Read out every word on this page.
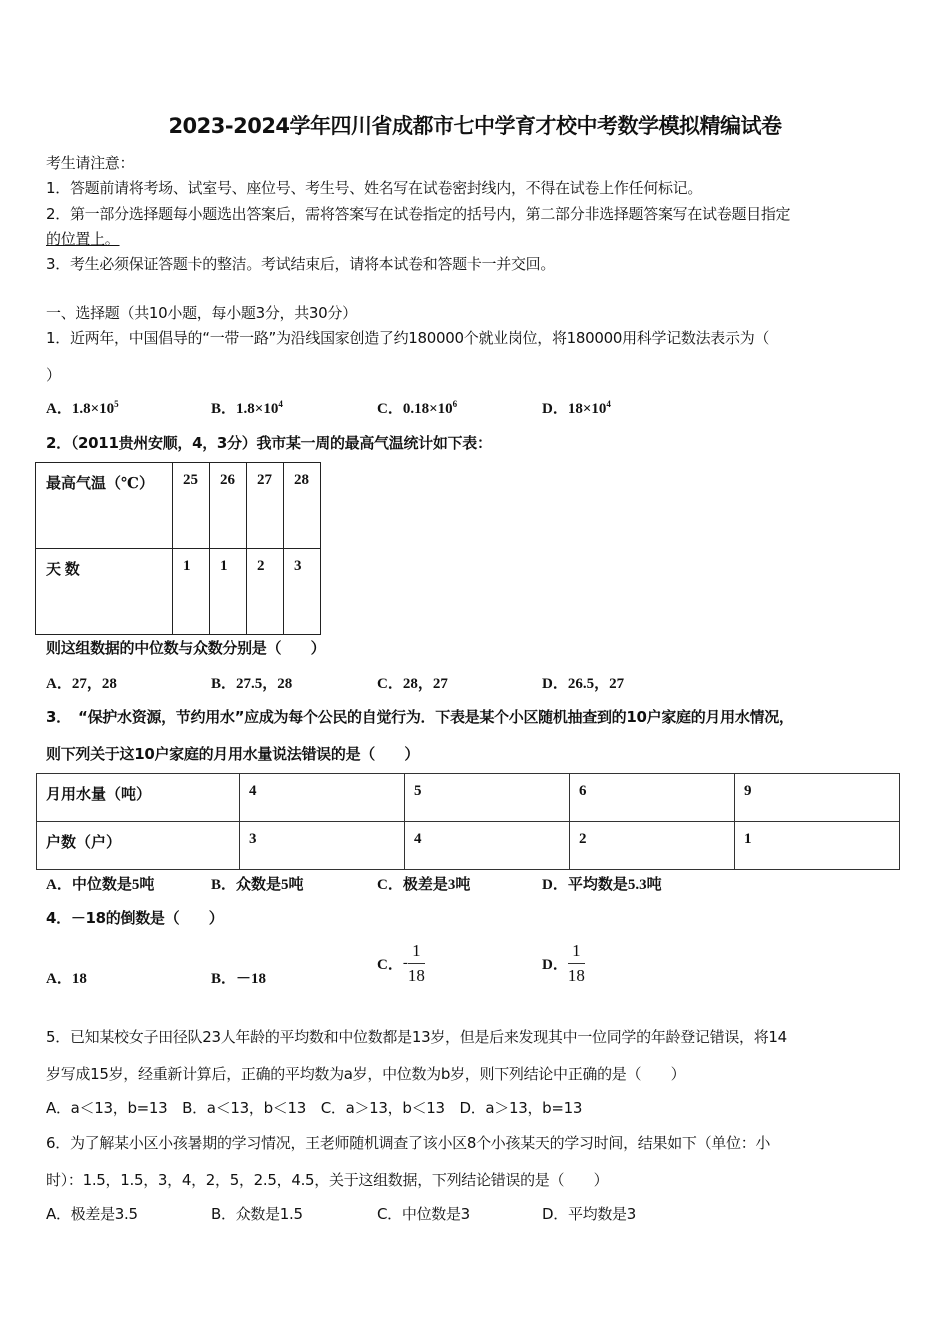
2023-2024学年四川省成都市七中学育才校中考数学模拟精编试卷
考生请注意：
1．答题前请将考场、试室号、座位号、考生号、姓名写在试卷密封线内，不得在试卷上作任何标记。
2．第一部分选择题每小题选出答案后，需将答案写在试卷指定的括号内，第二部分非选择题答案写在试卷题目指定
的位置上。
3．考生必须保证答题卡的整洁。考试结束后，请将本试卷和答题卡一并交回。
一、选择题（共10小题，每小题3分，共30分）
1．近两年，中国倡导的“一带一路”为沿线国家创造了约180000个就业岗位，将180000用科学记数法表示为（
）
A．$1.8\times 10^5$	B．$1.8\times 10^4$	C．$0.18\times 10^6$	D．$18\times 10^4$
2．（2011贵州安顺，4，3分）我市某一周的最高气温统计如下表：
最高气温（℃）	25	26	27	28
天 数	1	1	2	3
则这组数据的中位数与众数分别是（　　）
A．27，28	B．27.5，28	C．28，27	D．26.5，27
3．　“保护水资源，节约用水”应成为每个公民的自觉行为．下表是某个小区随机抽查到的10户家庭的月用水情况，
则下列关于这10户家庭的月用水量说法错误的是（　　）
月用水量（吨）	4	5	6	9
户数（户）	3	4	2	1
A．中位数是5吨	B．众数是5吨	C．极差是3吨	D．平均数是5.3吨
4．－18的倒数是（　　）
A．18	B．－18
C．- $\frac{1}{18}$	D． $\frac{1}{18}$
5．已知某校女子田径队23人年龄的平均数和中位数都是13岁，但是后来发现其中一位同学的年龄登记错误，将14
岁写成15岁，经重新计算后，正确的平均数为a岁，中位数为b岁，则下列结论中正确的是（　　）
A．a＜13，b=13　B．a＜13，b＜13　C．a＞13，b＜13　D．a＞13，b=13
6．为了解某小区小孩暑期的学习情况，王老师随机调查了该小区8个小孩某天的学习时间，结果如下（单位：小
时）：1.5，1.5，3，4，2，5，2.5，4.5，关于这组数据，下列结论错误的是（　　）
A．极差是3.5	B．众数是1.5	C．中位数是3	D．平均数是3
